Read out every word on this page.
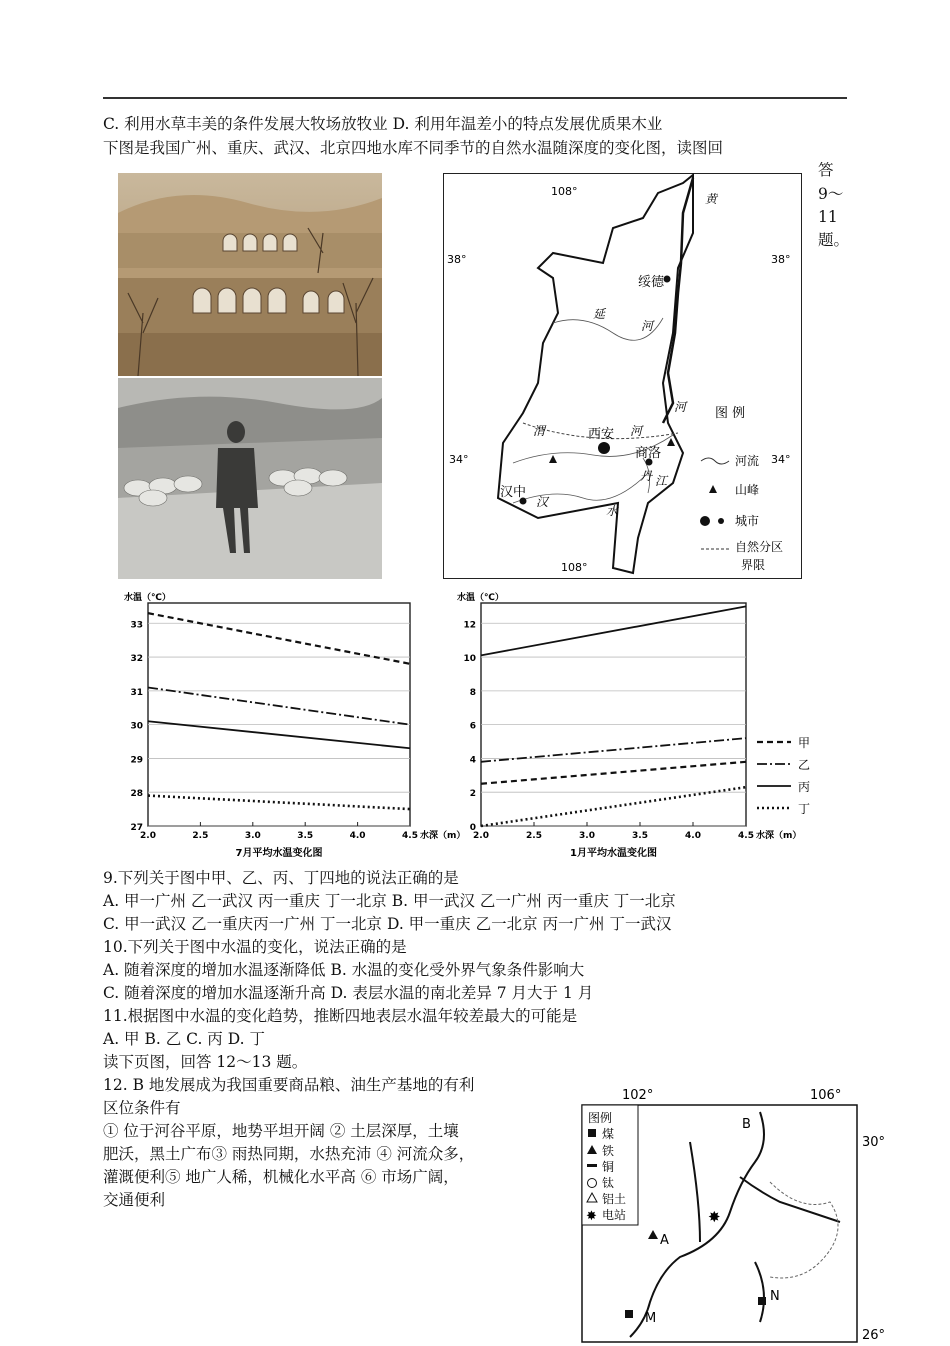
C. 利用水草丰美的条件发展大牧场放牧业 D. 利用年温差小的特点发展优质果木业
下图是我国广州、重庆、武汉、北京四地水库不同季节的自然水温随深度的变化图，读图回
答
9～
11
题。
108°
108°
38°	38°
34°	34°
绥德
西安
商洛
汉中
黄
河
延
河
渭	河
汉
水
丹 江
图 例
河流
山峰
城市
自然分区
界限
27
28
29
30
31
32
33
2.0	2.5	3.0	3.5	4.0	4.5
水温（℃）
水深（m）
7月平均水温变化图
0
2
4
6
8
10
12
2.0	2.5	3.0	3.5	4.0	4.5
水温（℃）
水深（m）
1月平均水温变化图
甲
乙
丙
丁
9.下列关于图中甲、乙、丙、丁四地的说法正确的是
A. 甲一广州 乙一武汉 丙一重庆 丁一北京 B. 甲一武汉 乙一广州 丙一重庆 丁一北京
C. 甲一武汉 乙一重庆丙一广州 丁一北京 D. 甲一重庆 乙一北京 丙一广州 丁一武汉
10.下列关于图中水温的变化，说法正确的是
A. 随着深度的增加水温逐渐降低 B. 水温的变化受外界气象条件影响大
C. 随着深度的增加水温逐渐升高 D. 表层水温的南北差异 7 月大于 1 月
11.根据图中水温的变化趋势，推断四地表层水温年较差最大的可能是
A. 甲 B. 乙 C. 丙 D. 丁
读下页图，回答 12～13 题。
12. B 地发展成为我国重要商品粮、油生产基地的有利
区位条件有
① 位于河谷平原，地势平坦开阔 ② 土层深厚，土壤
肥沃，黑土广布③ 雨热同期，水热充沛 ④ 河流众多，
灌溉便利⑤ 地广人稀，机械化水平高 ⑥ 市场广阔，
交通便利
102°	106°
30°
26°
图例
煤
铁
铜
钛
铝土
✸ 电站
B
A
M
N
✸
